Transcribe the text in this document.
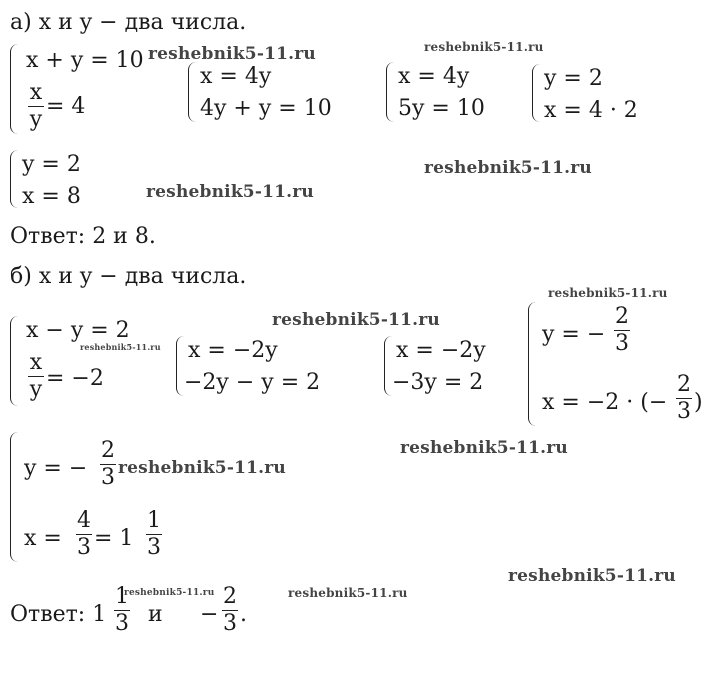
а) x и y − два числа.
x + y = 10
x
y
= 4
x = 4y
4y + y = 10
x = 4y
5y = 10
y = 2
x = 4 · 2
y = 2
x = 8
Ответ: 2 и 8.
б) x и y − два числа.
x − y = 2
x
y = −2
x = −2y
−2y − y = 2
x = −2y
−3y = 2
y = −
2
3
x = −2 · (−
2
3 )
y = −
2
3
x =
4
3 = 1
1
3
Ответ: 1
1
3 и −
2
3 .
reshebnik5-11.ru	reshebnik5-11.ru
reshebnik5-11.ru
reshebnik5-11.ru
reshebnik5-11.ru
reshebnik5-11.ru
reshebnik5-11.ru
reshebnik5-11.ru
reshebnik5-11.ru
reshebnik5-11.ru
reshebnik5-11.ru	reshebnik5-11.ru
